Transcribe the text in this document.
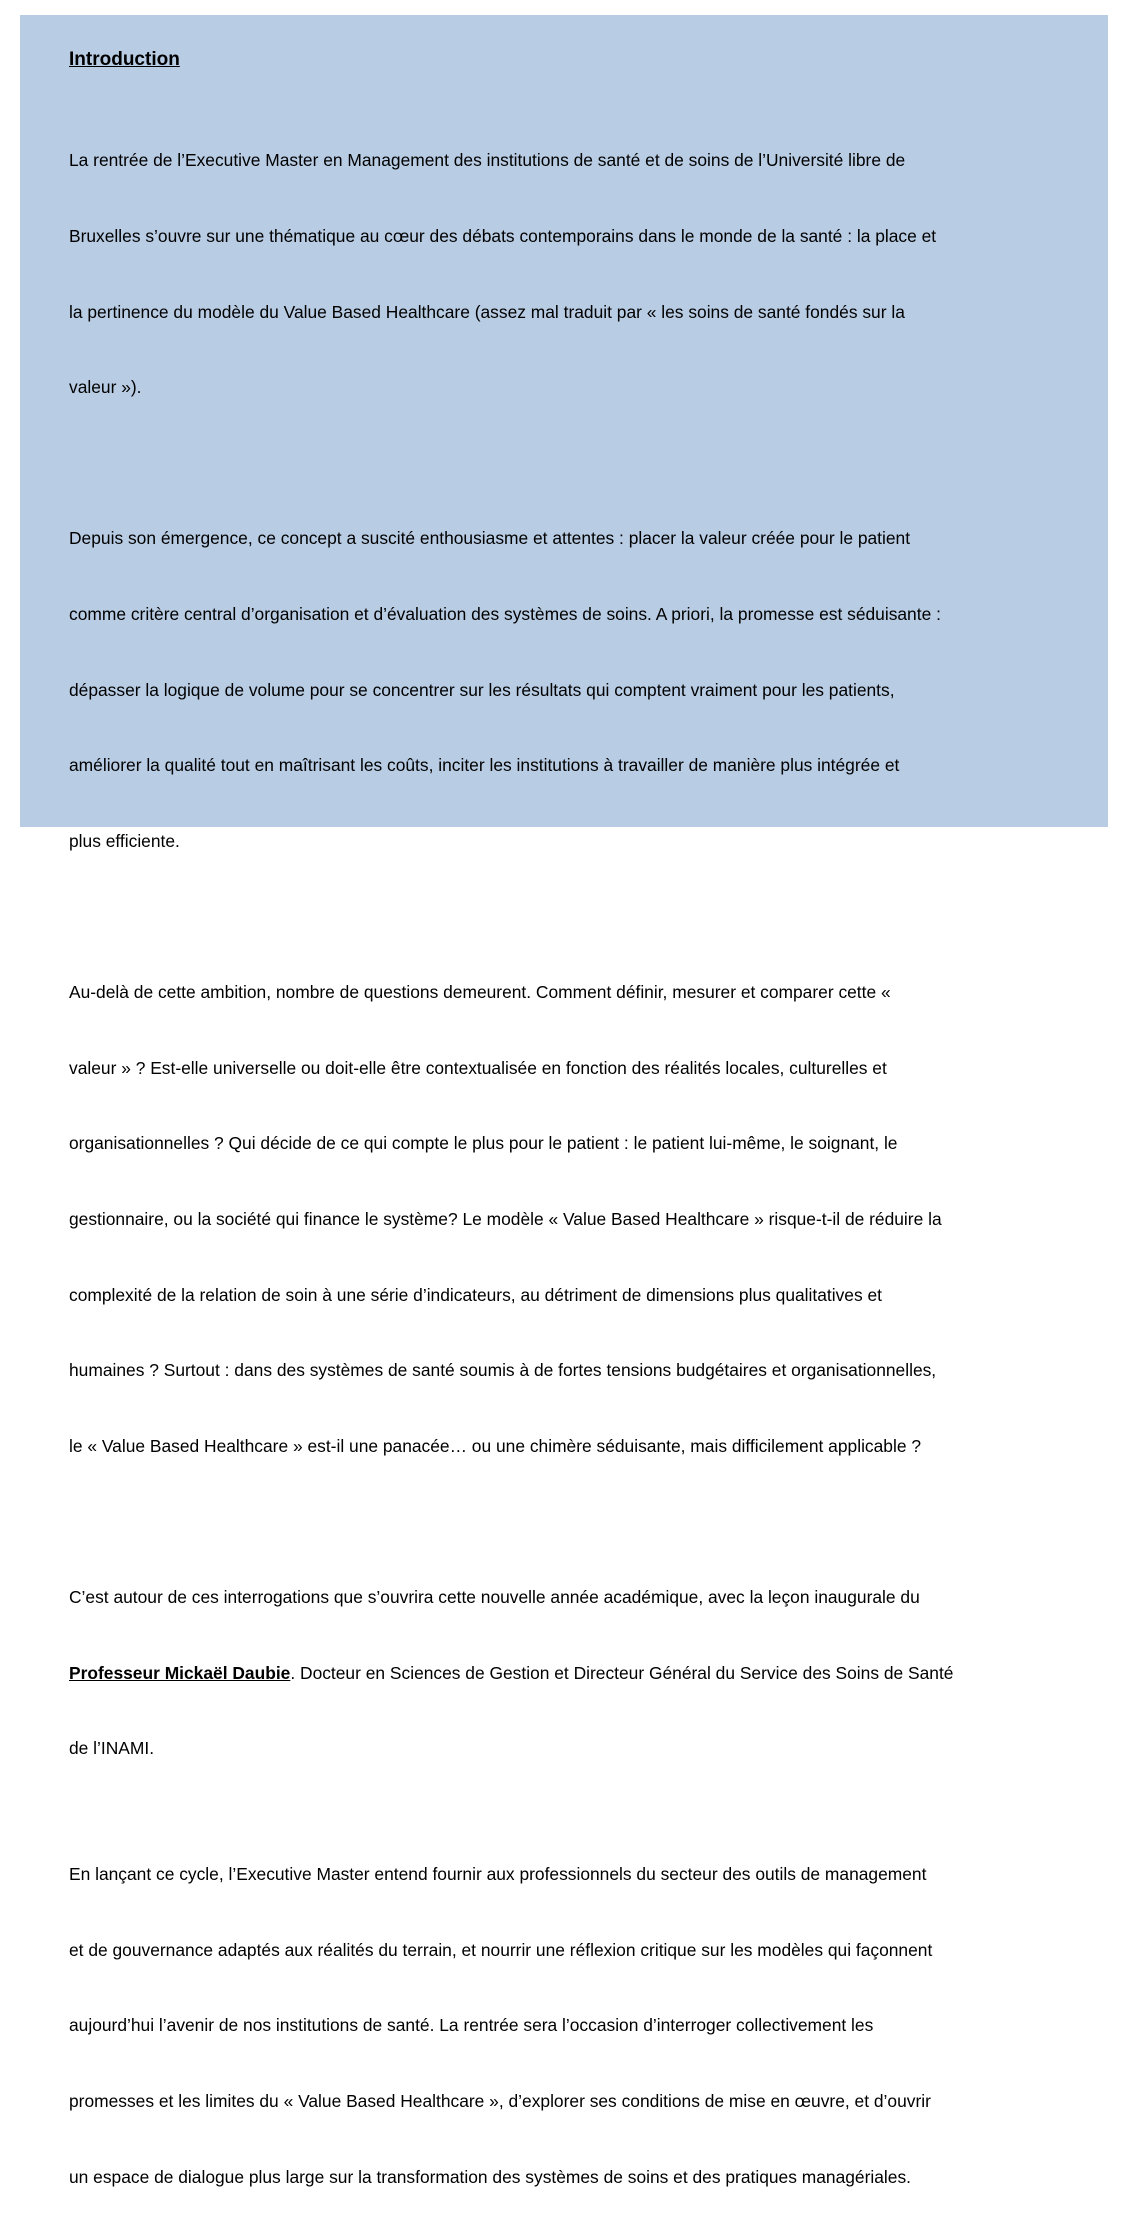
Introduction

La rentrée de l’Executive Master en Management des institutions de santé et de soins de l’Université libre de

Bruxelles s’ouvre sur une thématique au cœur des débats contemporains dans le monde de la santé : la place et

la pertinence du modèle du Value Based Healthcare (assez mal traduit par « les soins de santé fondés sur la

valeur »).

Depuis son émergence, ce concept a suscité enthousiasme et attentes : placer la valeur créée pour le patient

comme critère central d’organisation et d’évaluation des systèmes de soins. A priori, la promesse est séduisante :

dépasser la logique de volume pour se concentrer sur les résultats qui comptent vraiment pour les patients,

améliorer la qualité tout en maîtrisant les coûts, inciter les institutions à travailler de manière plus intégrée et

plus efficiente.

Au-delà de cette ambition, nombre de questions demeurent. Comment définir, mesurer et comparer cette «

valeur » ? Est-elle universelle ou doit-elle être contextualisée en fonction des réalités locales, culturelles et

organisationnelles ? Qui décide de ce qui compte le plus pour le patient : le patient lui-même, le soignant, le

gestionnaire, ou la société qui finance le système? Le modèle « Value Based Healthcare » risque-t-il de réduire la

complexité de la relation de soin à une série d’indicateurs, au détriment de dimensions plus qualitatives et

humaines ? Surtout : dans des systèmes de santé soumis à de fortes tensions budgétaires et organisationnelles,

le « Value Based Healthcare » est-il une panacée… ou une chimère séduisante, mais difficilement applicable ?

C’est autour de ces interrogations que s’ouvrira cette nouvelle année académique, avec la leçon inaugurale du

Professeur Mickaël Daubie. Docteur en Sciences de Gestion et Directeur Général du Service des Soins de Santé

de l’INAMI.

En lançant ce cycle, l’Executive Master entend fournir aux professionnels du secteur des outils de management

et de gouvernance adaptés aux réalités du terrain, et nourrir une réflexion critique sur les modèles qui façonnent

aujourd’hui l’avenir de nos institutions de santé. La rentrée sera l’occasion d’interroger collectivement les

promesses et les limites du « Value Based Healthcare », d’explorer ses conditions de mise en œuvre, et d’ouvrir

un espace de dialogue plus large sur la transformation des systèmes de soins et des pratiques managériales.
